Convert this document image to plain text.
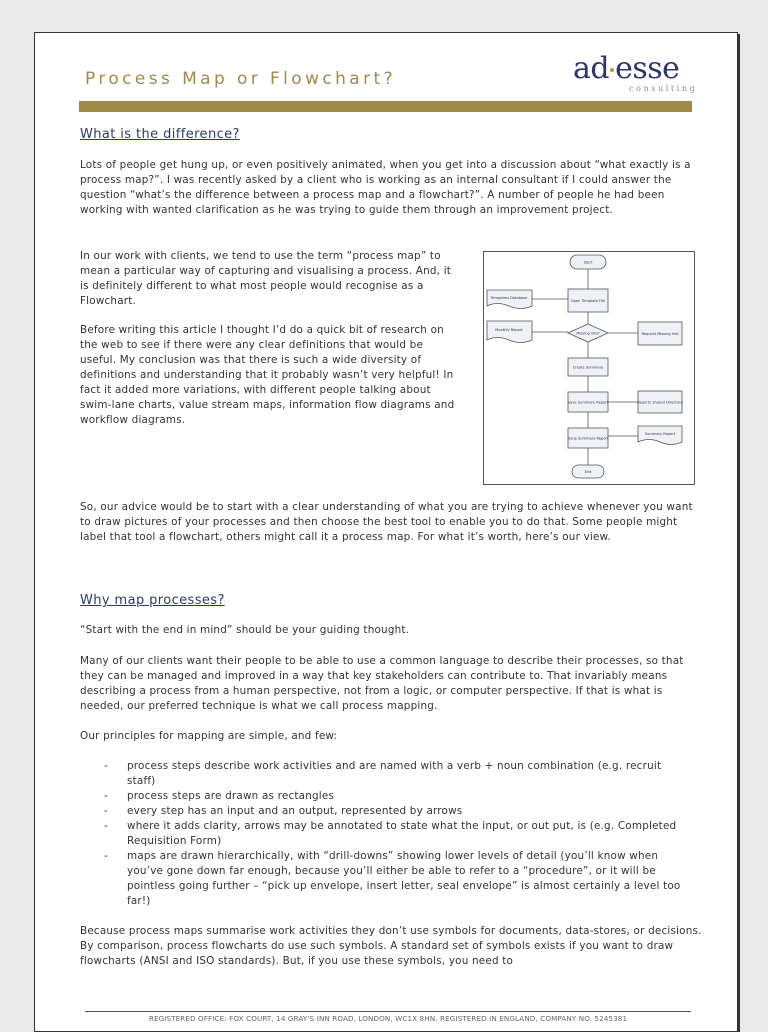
Process Map or Flowchart?	ad esse
consulting
What is the difference?

Lots of people get hung up, or even positively animated, when you get into a discussion about “what exactly is a process map?”. I was recently asked by a client who is working as an internal consultant if I could answer the question “what’s the difference between a process map and a flowchart?”. A number of people he had been working with wanted clarification as he was trying to guide them through an improvement project.

In our work with clients, we tend to use the term “process map” to mean a particular way of capturing and visualising a process. And, it is definitely different to what most people would recognise as a Flowchart.

Before writing this article I thought I’d do a quick bit of research on the web to see if there were any clear definitions that would be useful. My conclusion was that there is such a wide diversity of definitions and understanding that it probably wasn’t very helpful! In fact it added more variations, with different people talking about swim-lane charts, value stream maps, information flow diagrams and workflow diagrams.

Start
Open Template File
Templates Database
Monthly Report
Missing Info?	Request Missing Info
Create Summary
Save Summary Report	Reports Shared Directory
Issue Summary Report
Summary Report
End

So, our advice would be to start with a clear understanding of what you are trying to achieve whenever you want to draw pictures of your processes and then choose the best tool to enable you to do that. Some people might label that tool a flowchart, others might call it a process map. For what it’s worth, here’s our view.

Why map processes?

“Start with the end in mind” should be your guiding thought.

Many of our clients want their people to be able to use a common language to describe their processes, so that they can be managed and improved in a way that key stakeholders can contribute to. That invariably means describing a process from a human perspective, not from a logic, or computer perspective. If that is what is needed, our preferred technique is what we call process mapping.

Our principles for mapping are simple, and few:

- process steps describe work activities and are named with a verb + noun combination (e.g. recruit staff)
- process steps are drawn as rectangles
- every step has an input and an output, represented by arrows
- where it adds clarity, arrows may be annotated to state what the input, or out put, is (e.g. Completed Requisition Form)
- maps are drawn hierarchically, with “drill-downs” showing lower levels of detail (you’ll know when you’ve gone down far enough, because you’ll either be able to refer to a “procedure”, or it will be pointless going further – “pick up envelope, insert letter, seal envelope” is almost certainly a level too far!)

Because process maps summarise work activities they don’t use symbols for documents, data-stores, or decisions. By comparison, process flowcharts do use such symbols. A standard set of symbols exists if you want to draw flowcharts (ANSI and ISO standards). But, if you use these symbols, you need to

REGISTERED OFFICE: FOX COURT, 14 GRAY’S INN ROAD, LONDON, WC1X 8HN. REGISTERED IN ENGLAND, COMPANY NO. 5245381
